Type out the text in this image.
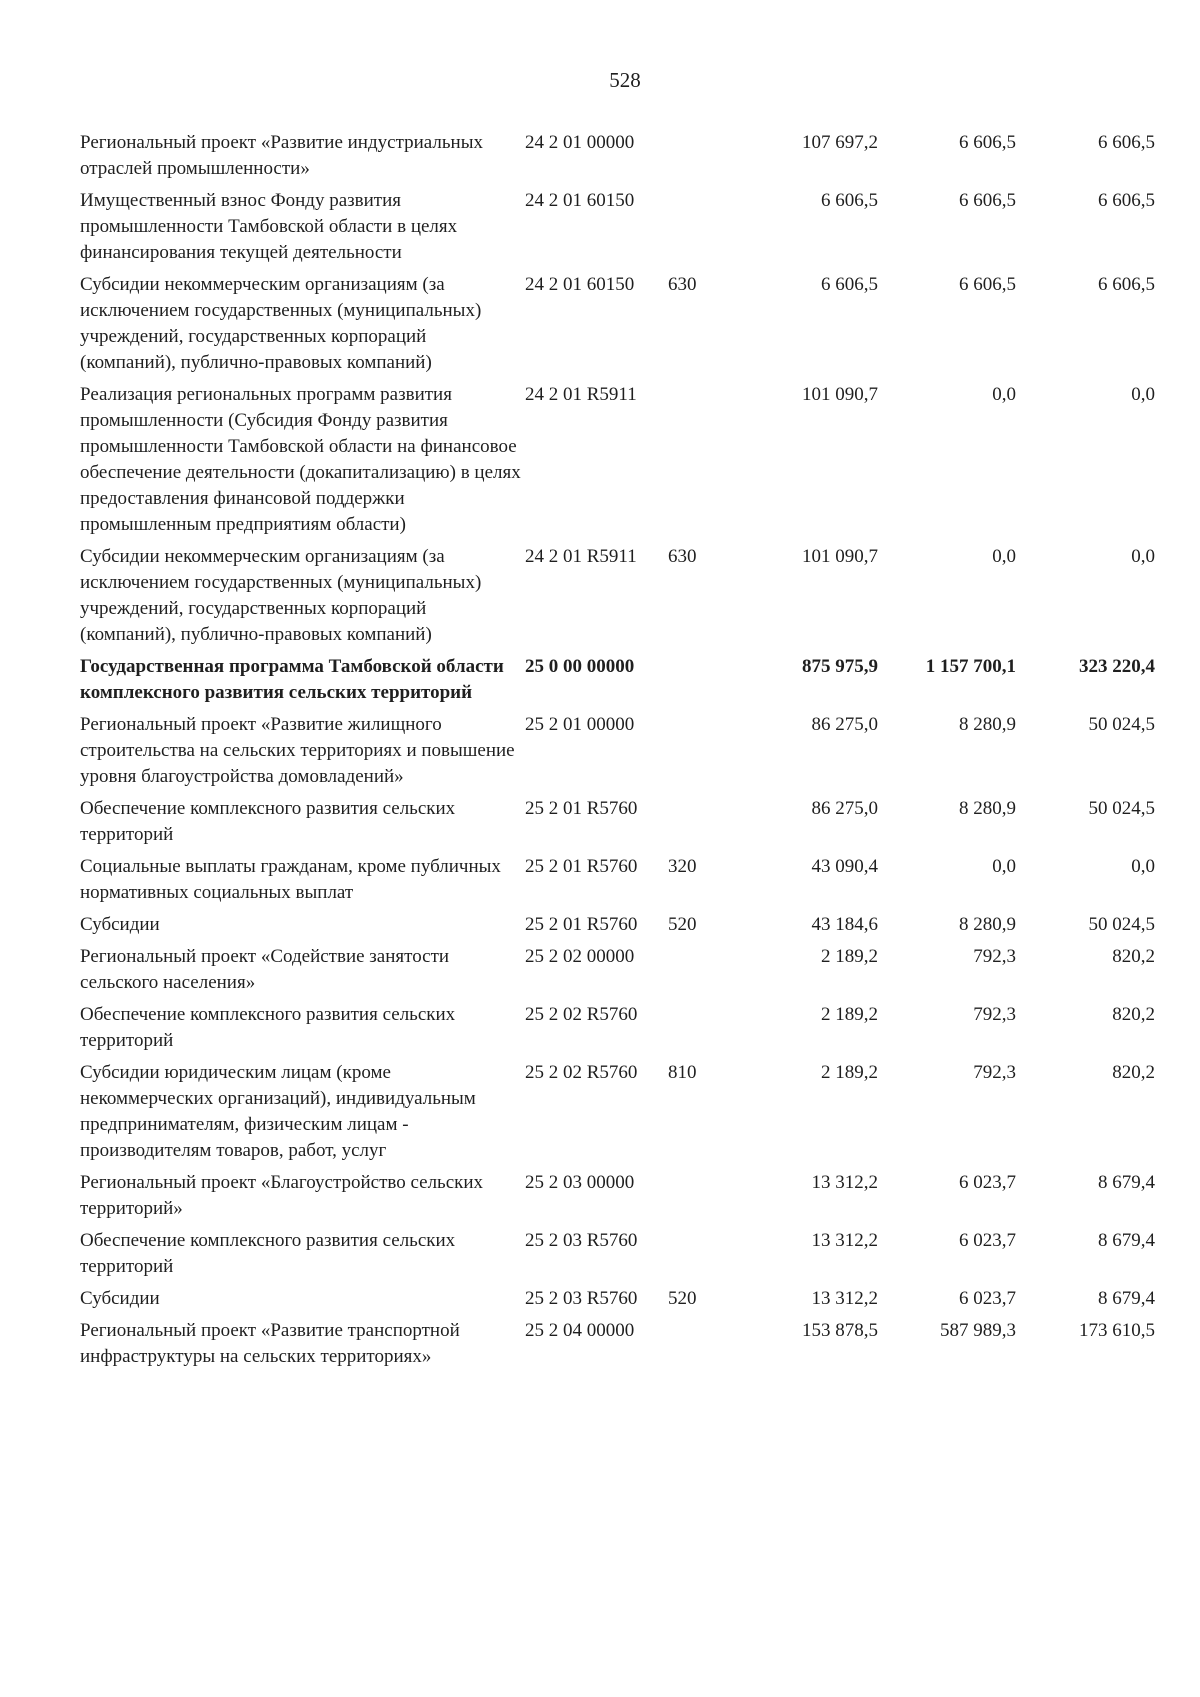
528
Региональный проект «Развитие индустриальных отраслей промышленности»	24 2 01 00000		107 697,2	6 606,5	6 606,5
Имущественный взнос Фонду развития промышленности Тамбовской области в целях финансирования текущей деятельности	24 2 01 60150		6 606,5	6 606,5	6 606,5
Субсидии некоммерческим организациям (за исключением государственных (муниципальных) учреждений, государственных корпораций (компаний), публично-правовых компаний)	24 2 01 60150	630	6 606,5	6 606,5	6 606,5
Реализация региональных программ развития промышленности (Субсидия Фонду развития промышленности Тамбовской области на финансовое обеспечение деятельности (докапитализацию) в целях предоставления финансовой поддержки промышленным предприятиям области)	24 2 01 R5911		101 090,7	0,0	0,0
Субсидии некоммерческим организациям (за исключением государственных (муниципальных) учреждений, государственных корпораций (компаний), публично-правовых компаний)	24 2 01 R5911	630	101 090,7	0,0	0,0
Государственная программа Тамбовской области комплексного развития сельских территорий	25 0 00 00000		875 975,9	1 157 700,1	323 220,4
Региональный проект «Развитие жилищного строительства на сельских территориях и повышение уровня благоустройства домовладений»	25 2 01 00000		86 275,0	8 280,9	50 024,5
Обеспечение комплексного развития сельских территорий	25 2 01 R5760		86 275,0	8 280,9	50 024,5
Социальные выплаты гражданам, кроме публичных нормативных социальных выплат	25 2 01 R5760	320	43 090,4	0,0	0,0
Субсидии	25 2 01 R5760	520	43 184,6	8 280,9	50 024,5
Региональный проект «Содействие занятости сельского населения»	25 2 02 00000		2 189,2	792,3	820,2
Обеспечение комплексного развития сельских территорий	25 2 02 R5760		2 189,2	792,3	820,2
Субсидии юридическим лицам (кроме некоммерческих организаций), индивидуальным предпринимателям, физическим лицам - производителям товаров, работ, услуг	25 2 02 R5760	810	2 189,2	792,3	820,2
Региональный проект «Благоустройство сельских территорий»	25 2 03 00000		13 312,2	6 023,7	8 679,4
Обеспечение комплексного развития сельских территорий	25 2 03 R5760		13 312,2	6 023,7	8 679,4
Субсидии	25 2 03 R5760	520	13 312,2	6 023,7	8 679,4
Региональный проект «Развитие транспортной инфраструктуры на сельских территориях»	25 2 04 00000		153 878,5	587 989,3	173 610,5
